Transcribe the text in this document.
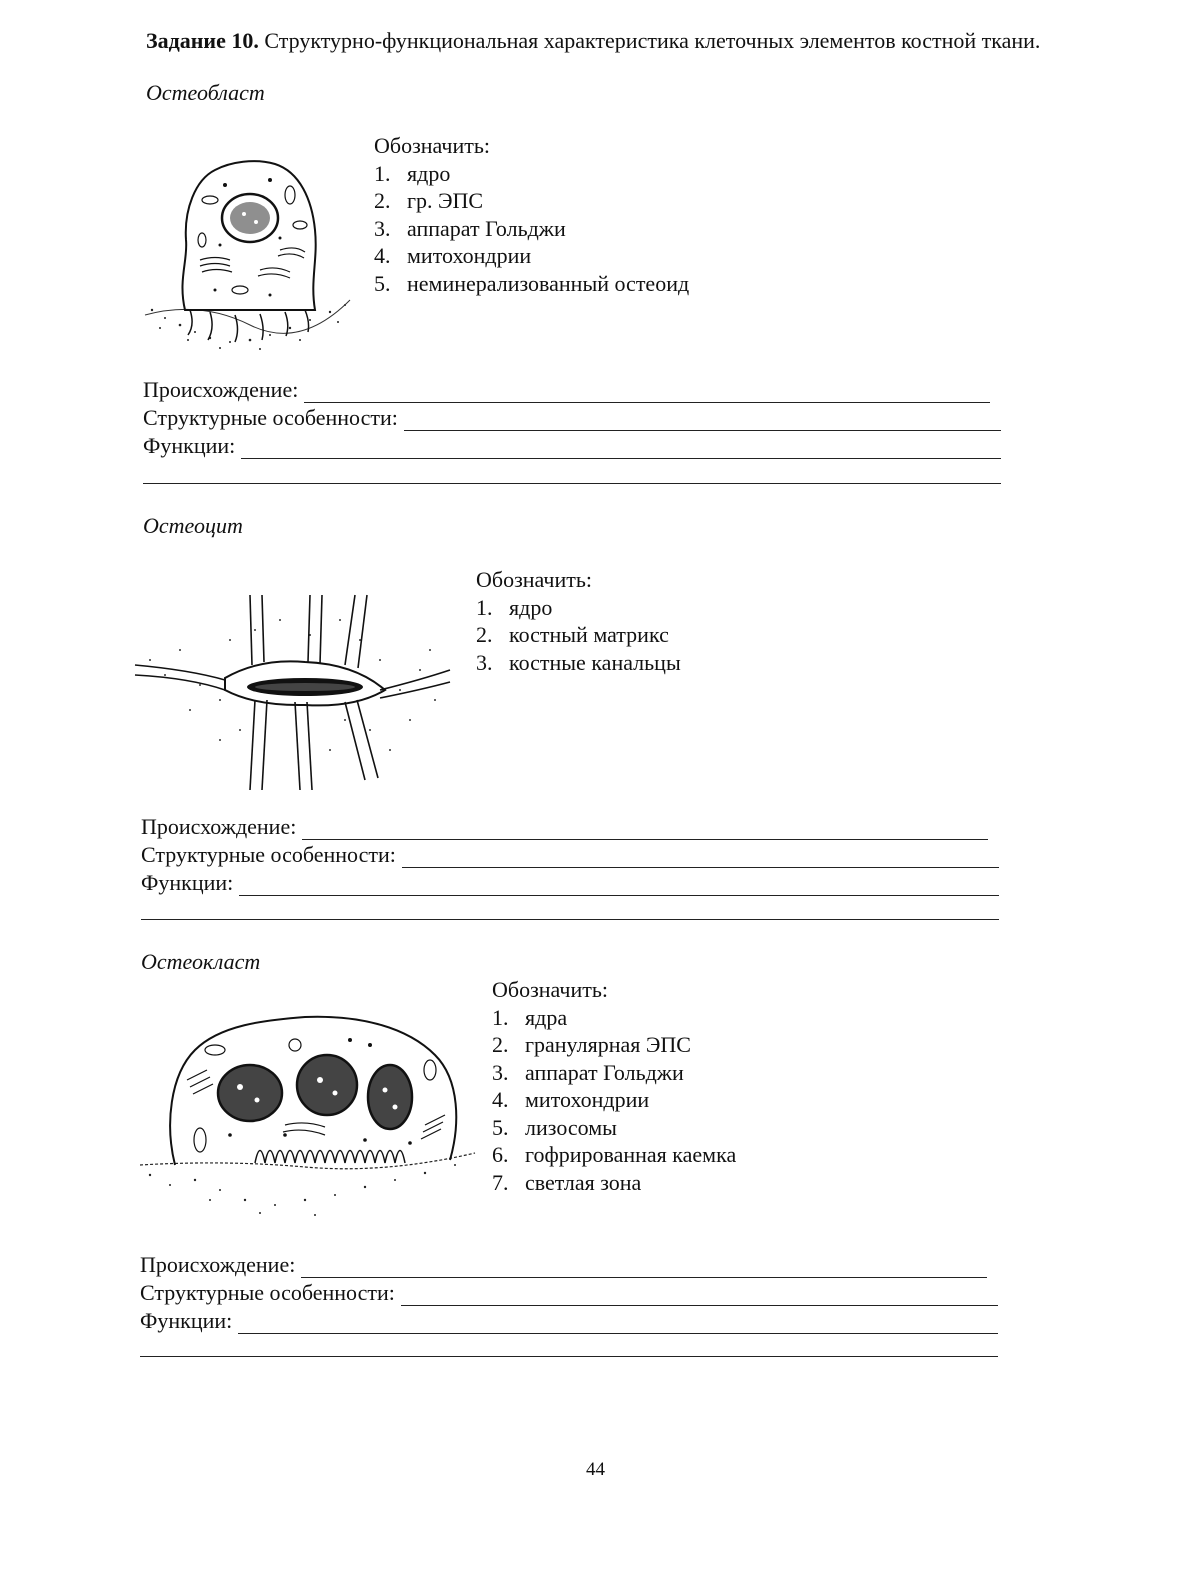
Задание 10. Структурно-функциональная характеристика клеточных элементов костной ткани.
Остеобласт
Обозначить:
1. ядро
2. гр. ЭПС
3. аппарат Гольджи
4. митохондрии
5. неминерализованный остеоид
Происхождение:
Структурные особенности:
Функции:
Остеоцит
Обозначить:
1. ядро
2. костный матрикс
3. костные канальцы
Происхождение:
Структурные особенности:
Функции:
Остеокласт
Обозначить:
1. ядра
2. гранулярная ЭПС
3. аппарат Гольджи
4. митохондрии
5. лизосомы
6. гофрированная каемка
7. светлая зона
Происхождение:
Структурные особенности:
Функции:
44
